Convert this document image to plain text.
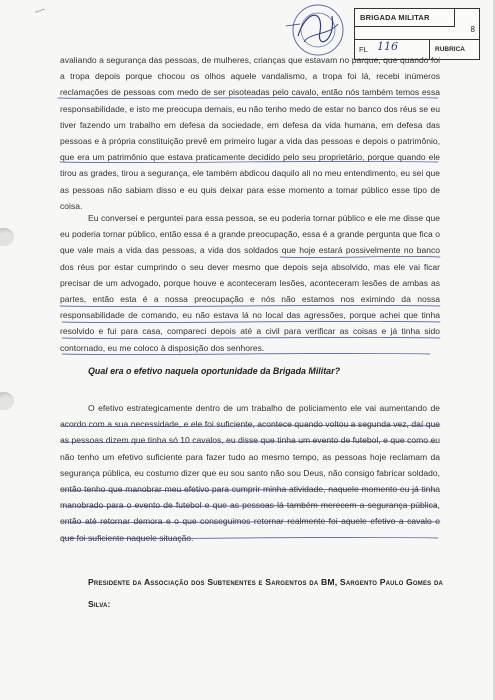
BRIGADA MILITAR
8
FL 116	RUBRICA
avaliando a segurança das pessoas, de mulheres, crianças que estavam no parque, que quando foi a tropa depois porque chocou os olhos aquele vandalismo, a tropa foi lá, recebi inúmeros reclamações de pessoas com medo de ser pisoteadas pelo cavalo, então nós também temos essa responsabilidade, e isto me preocupa demais, eu não tenho medo de estar no banco dos réus se eu tiver fazendo um trabalho em defesa da sociedade, em defesa da vida humana, em defesa das pessoas e à própria constituição prevê em primeiro lugar a vida das pessoas e depois o patrimônio, que era um patrimônio que estava praticamente decidido pelo seu proprietário, porque quando ele tirou as grades, tirou a segurança, ele também abdicou daquilo ali no meu entendimento, eu sei que as pessoas não sabiam disso e eu quis deixar para esse momento a tomar público esse tipo de coisa.
Eu conversei e perguntei para essa pessoa, se eu poderia tornar público e ele me disse que eu poderia tornar público, então essa é a grande preocupação, essa é a grande pergunta que fica o que vale mais a vida das pessoas, a vida dos soldados que hoje estará possivelmente no banco dos réus por estar cumprindo o seu dever mesmo que depois seja absolvido, mas ele vai ficar precisar de um advogado, porque houve e aconteceram lesões, aconteceram lesões de ambas as partes, então esta é a nossa preocupação e nós não estamos nos eximindo da nossa responsabilidade de comando, eu não estava lá no local das agressões, porque achei que tinha resolvido e fui para casa, compareci depois até a civil para verificar as coisas e já tinha sido contornado, eu me coloco à disposição dos senhores.
Qual era o efetivo naquela oportunidade da Brigada Militar?
O efetivo estrategicamente dentro de um trabalho de policiamento ele vai aumentando de acordo com a sua necessidade, e ele foi suficiente, acontece quando voltou a segunda vez, daí que as pessoas dizem que tinha só 10 cavalos, eu disse que tinha um evento de futebol, e que como eu não tenho um efetivo suficiente para fazer tudo ao mesmo tempo, as pessoas hoje reclamam da segurança pública, eu costumo dizer que eu sou santo não sou Deus, não consigo fabricar soldado, então tenho que manobrar meu efetivo para cumprir minha atividade, naquele momento eu já tinha manobrado para o evento de futebol e que as pessoas lá também merecem a segurança pública, então até retornar demora e o que conseguimos retornar realmente foi aquele efetivo a cavalo e que foi suficiente naquele situação.
Presidente da Associação dos Subtenentes e Sargentos da BM, Sargento Paulo Gomes da Silva:
